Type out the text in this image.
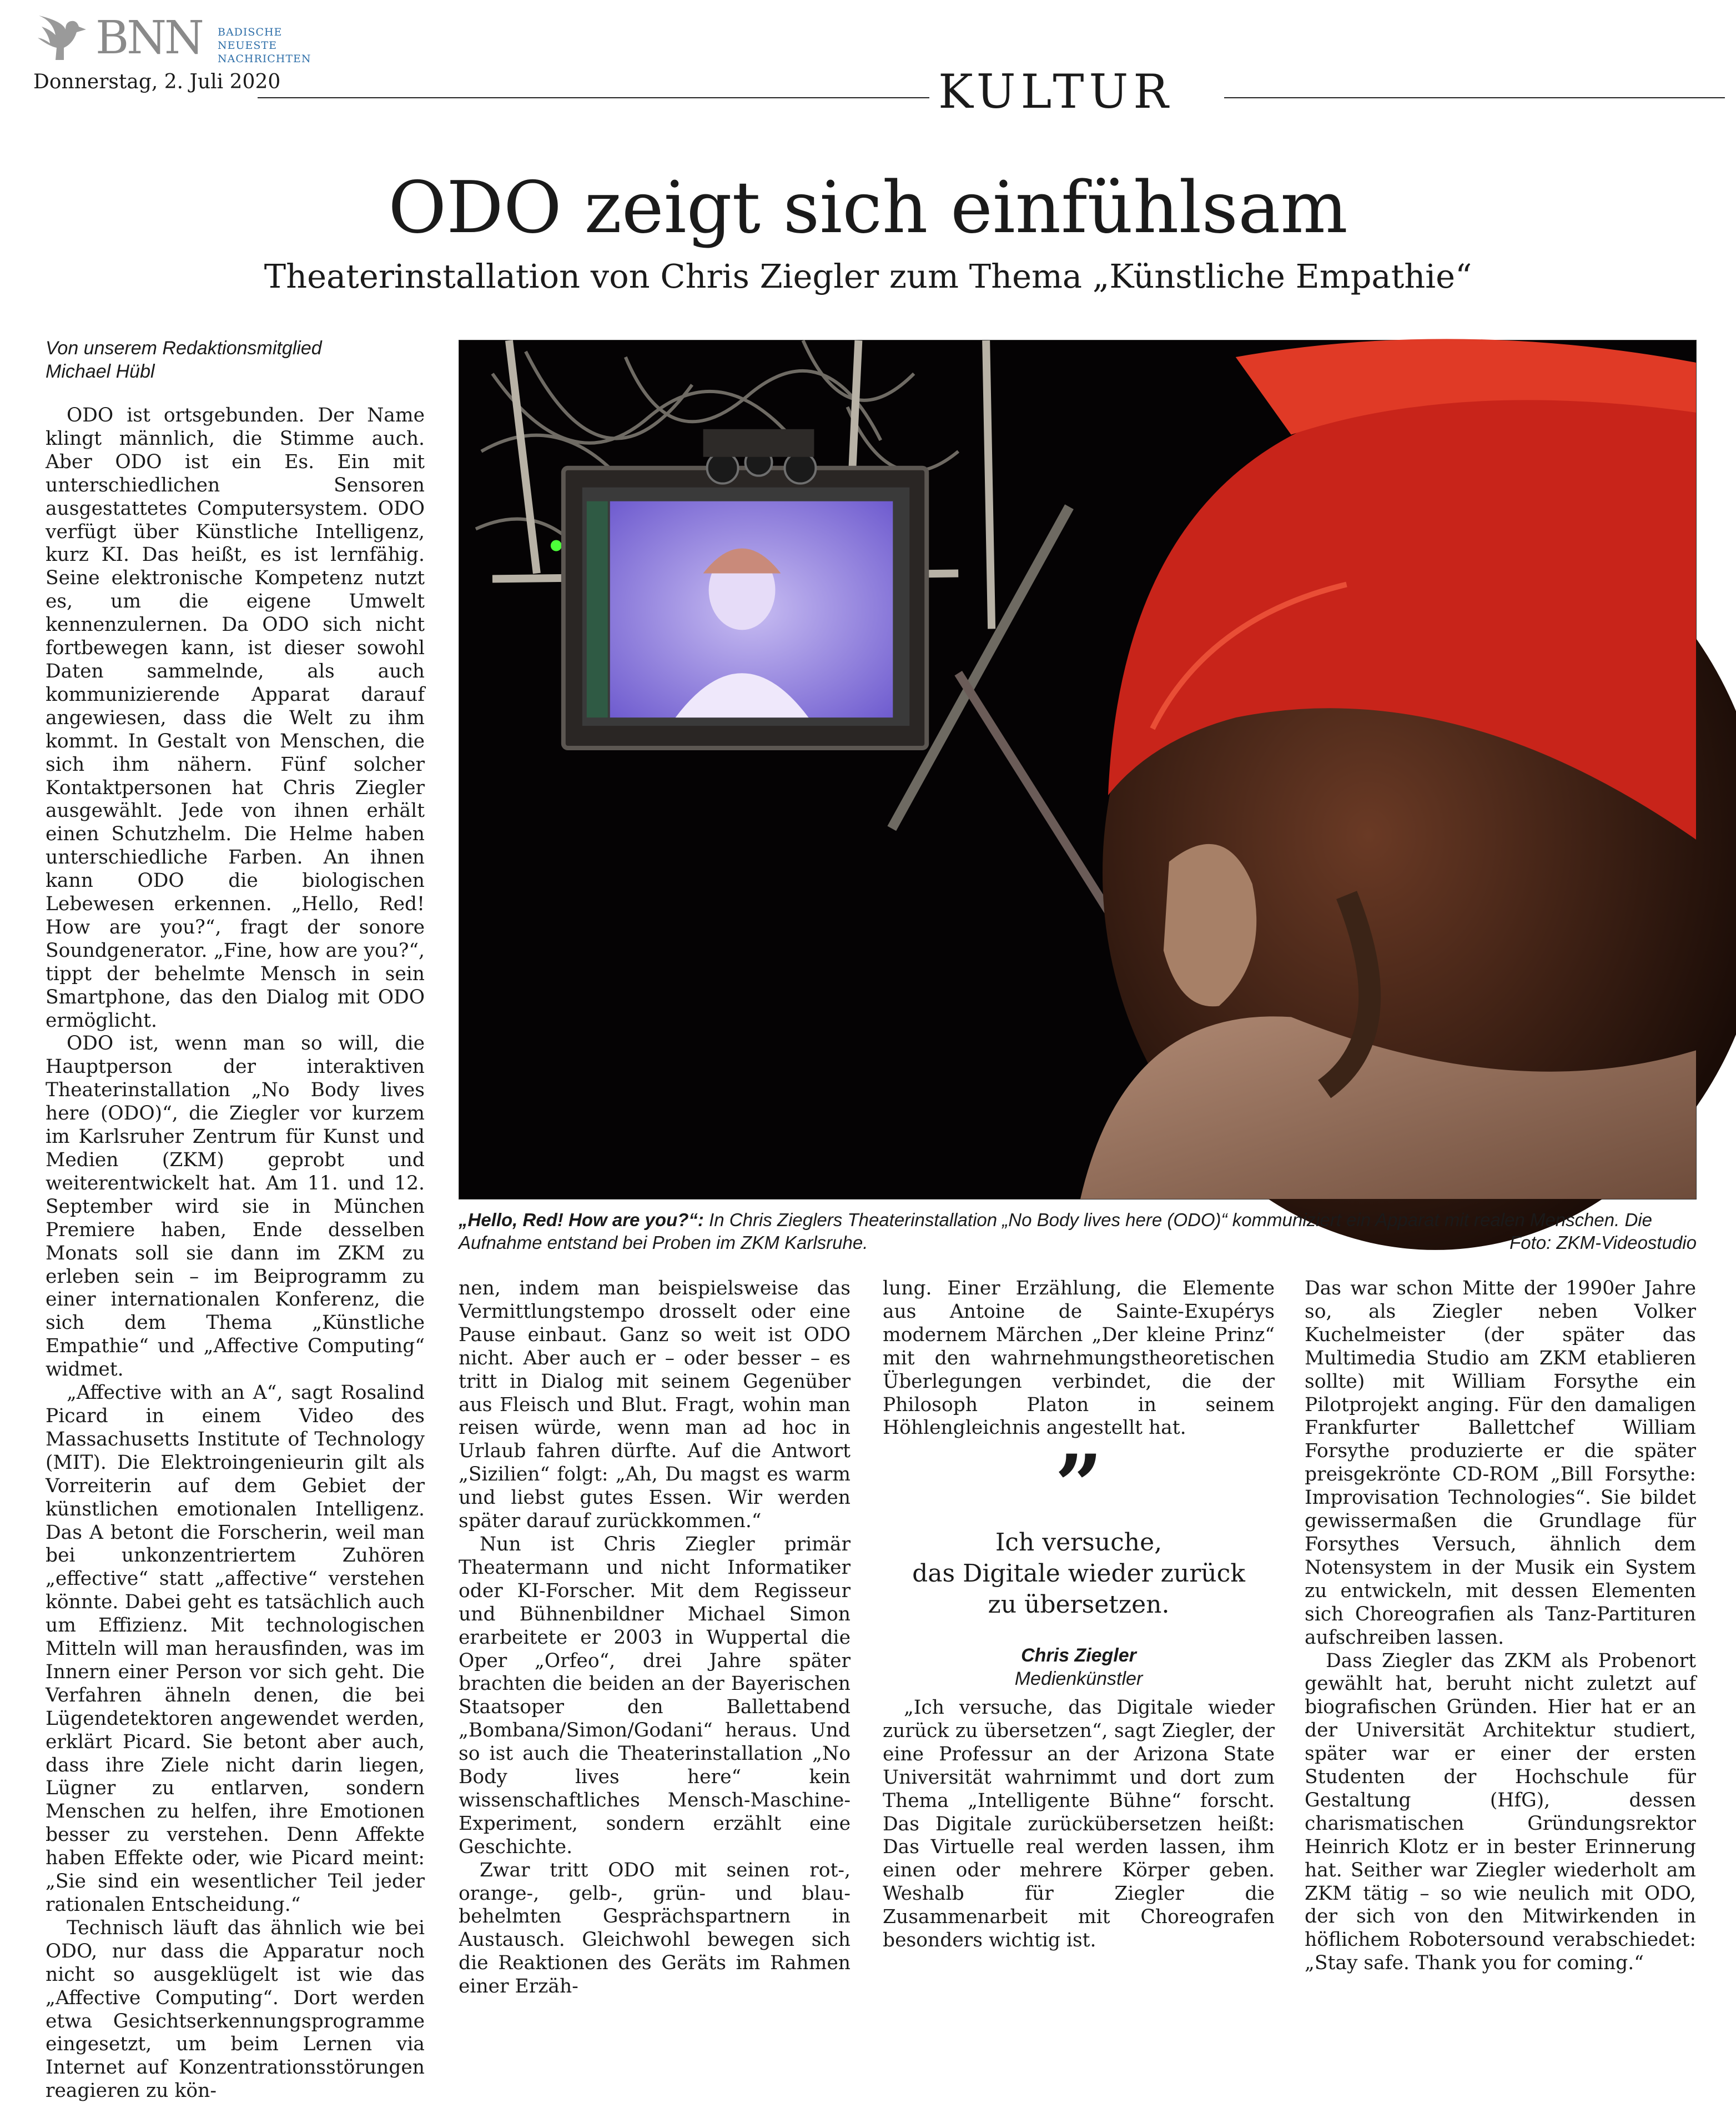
BNN BADISCHE
NEUESTE
NACHRICHTEN
Donnerstag, 2. Juli 2020	KULTUR
ODO zeigt sich einfühlsam
Theaterinstallation von Chris Ziegler zum Thema „Künstliche Empathie“
Von unserem Redaktionsmitglied
Michael Hübl

ODO ist ortsgebunden. Der Name klingt männlich, die Stimme auch. Aber ODO ist ein Es. Ein mit unterschiedlichen Sensoren ausgestattetes Computersystem. ODO verfügt über Künstliche Intelligenz, kurz KI. Das heißt, es ist lernfähig. Seine elektronische Kompetenz nutzt es, um die eigene Umwelt kennenzulernen. Da ODO sich nicht fortbewegen kann, ist dieser sowohl Daten sammelnde, als auch kommunizierende Apparat darauf angewiesen, dass die Welt zu ihm kommt. In Gestalt von Menschen, die sich ihm nähern. Fünf solcher Kontaktpersonen hat Chris Ziegler ausgewählt. Jede von ihnen erhält einen Schutzhelm. Die Helme haben unterschiedliche Farben. An ihnen kann ODO die biologischen Lebewesen erkennen. „Hello, Red! How are you?“, fragt der sonore Soundgenerator. „Fine, how are you?“, tippt der behelmte Mensch in sein Smartphone, das den Dialog mit ODO ermöglicht.

ODO ist, wenn man so will, die Hauptperson der interaktiven Theaterinstallation „No Body lives here (ODO)“, die Ziegler vor kurzem im Karlsruher Zentrum für Kunst und Medien (ZKM) geprobt und weiterentwickelt hat. Am 11. und 12. September wird sie in München Premiere haben, Ende desselben Monats soll sie dann im ZKM zu erleben sein – im Beiprogramm zu einer internationalen Konferenz, die sich dem Thema „Künstliche Empathie“ und „Affective Computing“ widmet.

„Affective with an A“, sagt Rosalind Picard in einem Video des Massachusetts Institute of Technology (MIT). Die Elektroingenieurin gilt als Vorreiterin auf dem Gebiet der künstlichen emotionalen Intelligenz. Das A betont die Forscherin, weil man bei unkonzentriertem Zuhören „effective“ statt „affective“ verstehen könnte. Dabei geht es tatsächlich auch um Effizienz. Mit technologischen Mitteln will man herausfinden, was im Innern einer Person vor sich geht. Die Verfahren ähneln denen, die bei Lügendetektoren angewendet werden, erklärt Picard. Sie betont aber auch, dass ihre Ziele nicht darin liegen, Lügner zu entlarven, sondern Menschen zu helfen, ihre Emotionen besser zu verstehen. Denn Affekte haben Effekte oder, wie Picard meint: „Sie sind ein wesentlicher Teil jeder rationalen Entscheidung.“

Technisch läuft das ähnlich wie bei ODO, nur dass die Apparatur noch nicht so ausgeklügelt ist wie das „Affective Computing“. Dort werden etwa Gesichtserkennungsprogramme eingesetzt, um beim Lernen via Internet auf Konzentrationsstörungen reagieren zu kön-

„Hello, Red! How are you?“: In Chris Zieglers Theaterinstallation „No Body lives here (ODO)“ kommuniziert ein Apparat mit realen Menschen. Die Aufnahme entstand bei Proben im ZKM Karlsruhe.	Foto: ZKM-Videostudio

nen, indem man beispielsweise das Vermittlungstempo drosselt oder eine Pause einbaut. Ganz so weit ist ODO nicht. Aber auch er – oder besser – es tritt in Dialog mit seinem Gegenüber aus Fleisch und Blut. Fragt, wohin man reisen würde, wenn man ad hoc in Urlaub fahren dürfte. Auf die Antwort „Sizilien“ folgt: „Ah, Du magst es warm und liebst gutes Essen. Wir werden später darauf zurückkommen.“

Nun ist Chris Ziegler primär Theatermann und nicht Informatiker oder KI-Forscher. Mit dem Regisseur und Bühnenbildner Michael Simon erarbeitete er 2003 in Wuppertal die Oper „Orfeo“, drei Jahre später brachten die beiden an der Bayerischen Staatsoper den Ballettabend „Bombana/Simon/Godani“ heraus. Und so ist auch die Theaterinstallation „No Body lives here“ kein wissenschaftliches Mensch-Maschine-Experiment, sondern erzählt eine Geschichte.

Zwar tritt ODO mit seinen rot-, orange-, gelb-, grün- und blau-behelmten Gesprächspartnern in Austausch. Gleichwohl bewegen sich die Reaktionen des Geräts im Rahmen einer Erzäh-

lung. Einer Erzählung, die Elemente aus Antoine de Sainte-Exupérys modernem Märchen „Der kleine Prinz“ mit den wahrnehmungstheoretischen Überlegungen verbindet, die der Philosoph Platon in seinem Höhlengleichnis angestellt hat.

”
Ich versuche,
das Digitale wieder zurück
zu übersetzen.
Chris Ziegler
Medienkünstler

„Ich versuche, das Digitale wieder zurück zu übersetzen“, sagt Ziegler, der eine Professur an der Arizona State Universität wahrnimmt und dort zum Thema „Intelligente Bühne“ forscht. Das Digitale zurückübersetzen heißt: Das Virtuelle real werden lassen, ihm einen oder mehrere Körper geben. Weshalb für Ziegler die Zusammenarbeit mit Choreografen besonders wichtig ist.

Das war schon Mitte der 1990er Jahre so, als Ziegler neben Volker Kuchelmeister (der später das Multimedia Studio am ZKM etablieren sollte) mit William Forsythe ein Pilotprojekt anging. Für den damaligen Frankfurter Ballettchef William Forsythe produzierte er die später preisgekrönte CD-ROM „Bill Forsythe: Improvisation Technologies“. Sie bildet gewissermaßen die Grundlage für Forsythes Versuch, ähnlich dem Notensystem in der Musik ein System zu entwickeln, mit dessen Elementen sich Choreografien als Tanz-Partituren aufschreiben lassen.

Dass Ziegler das ZKM als Probenort gewählt hat, beruht nicht zuletzt auf biografischen Gründen. Hier hat er an der Universität Architektur studiert, später war er einer der ersten Studenten der Hochschule für Gestaltung (HfG), dessen charismatischen Gründungsrektor Heinrich Klotz er in bester Erinnerung hat. Seither war Ziegler wiederholt am ZKM tätig – so wie neulich mit ODO, der sich von den Mitwirkenden in höflichem Robotersound verabschiedet: „Stay safe. Thank you for coming.“
